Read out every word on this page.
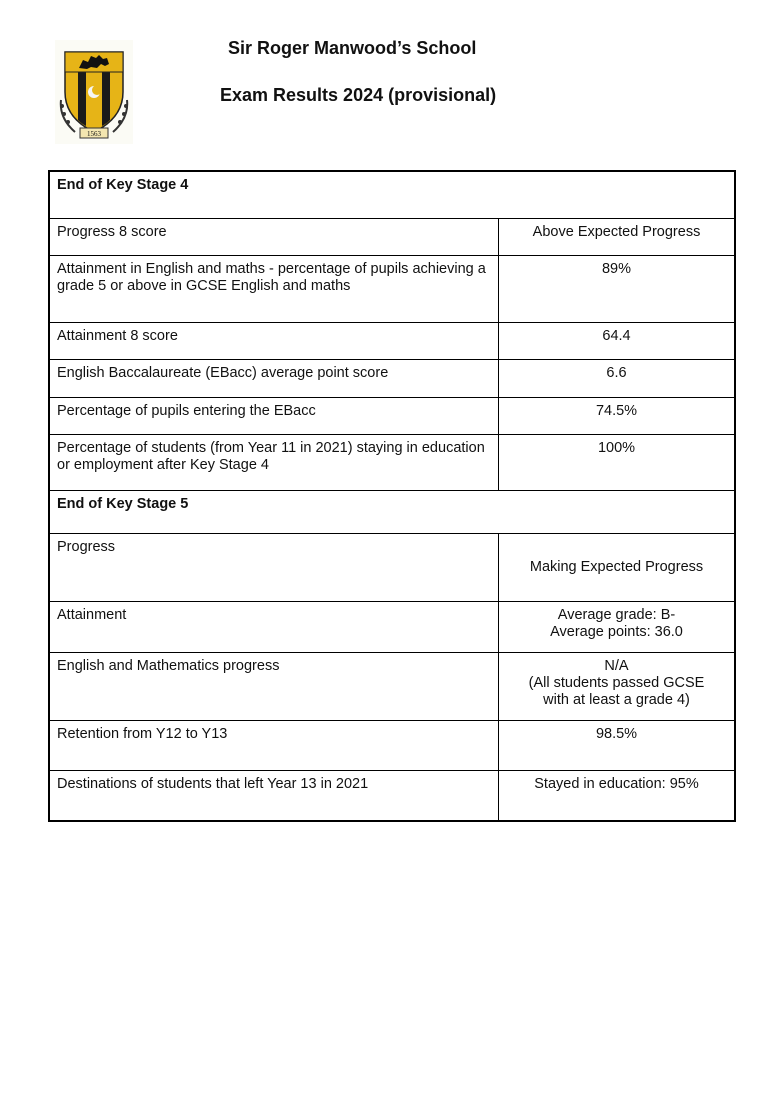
1563
Sir Roger Manwood’s School
Exam Results 2024 (provisional)
End of Key Stage 4	
Progress 8 score	Above Expected Progress
Attainment in English and maths - percentage of pupils achieving a grade 5 or above in GCSE English and maths	89%
Attainment 8 score	64.4
English Baccalaureate (EBacc) average point score	6.6
Percentage of pupils entering the EBacc	74.5%
Percentage of students (from Year 11 in 2021) staying in education or employment after Key Stage 4	100%
End of Key Stage 5	
Progress	Making Expected Progress
Attainment	Average grade: B-
Average points: 36.0

English and Mathematics progress	N/A
(All students passed GCSE
with at least a grade 4)

Retention from Y12 to Y13	98.5%
Destinations of students that left Year 13 in 2021	Stayed in education: 95%
